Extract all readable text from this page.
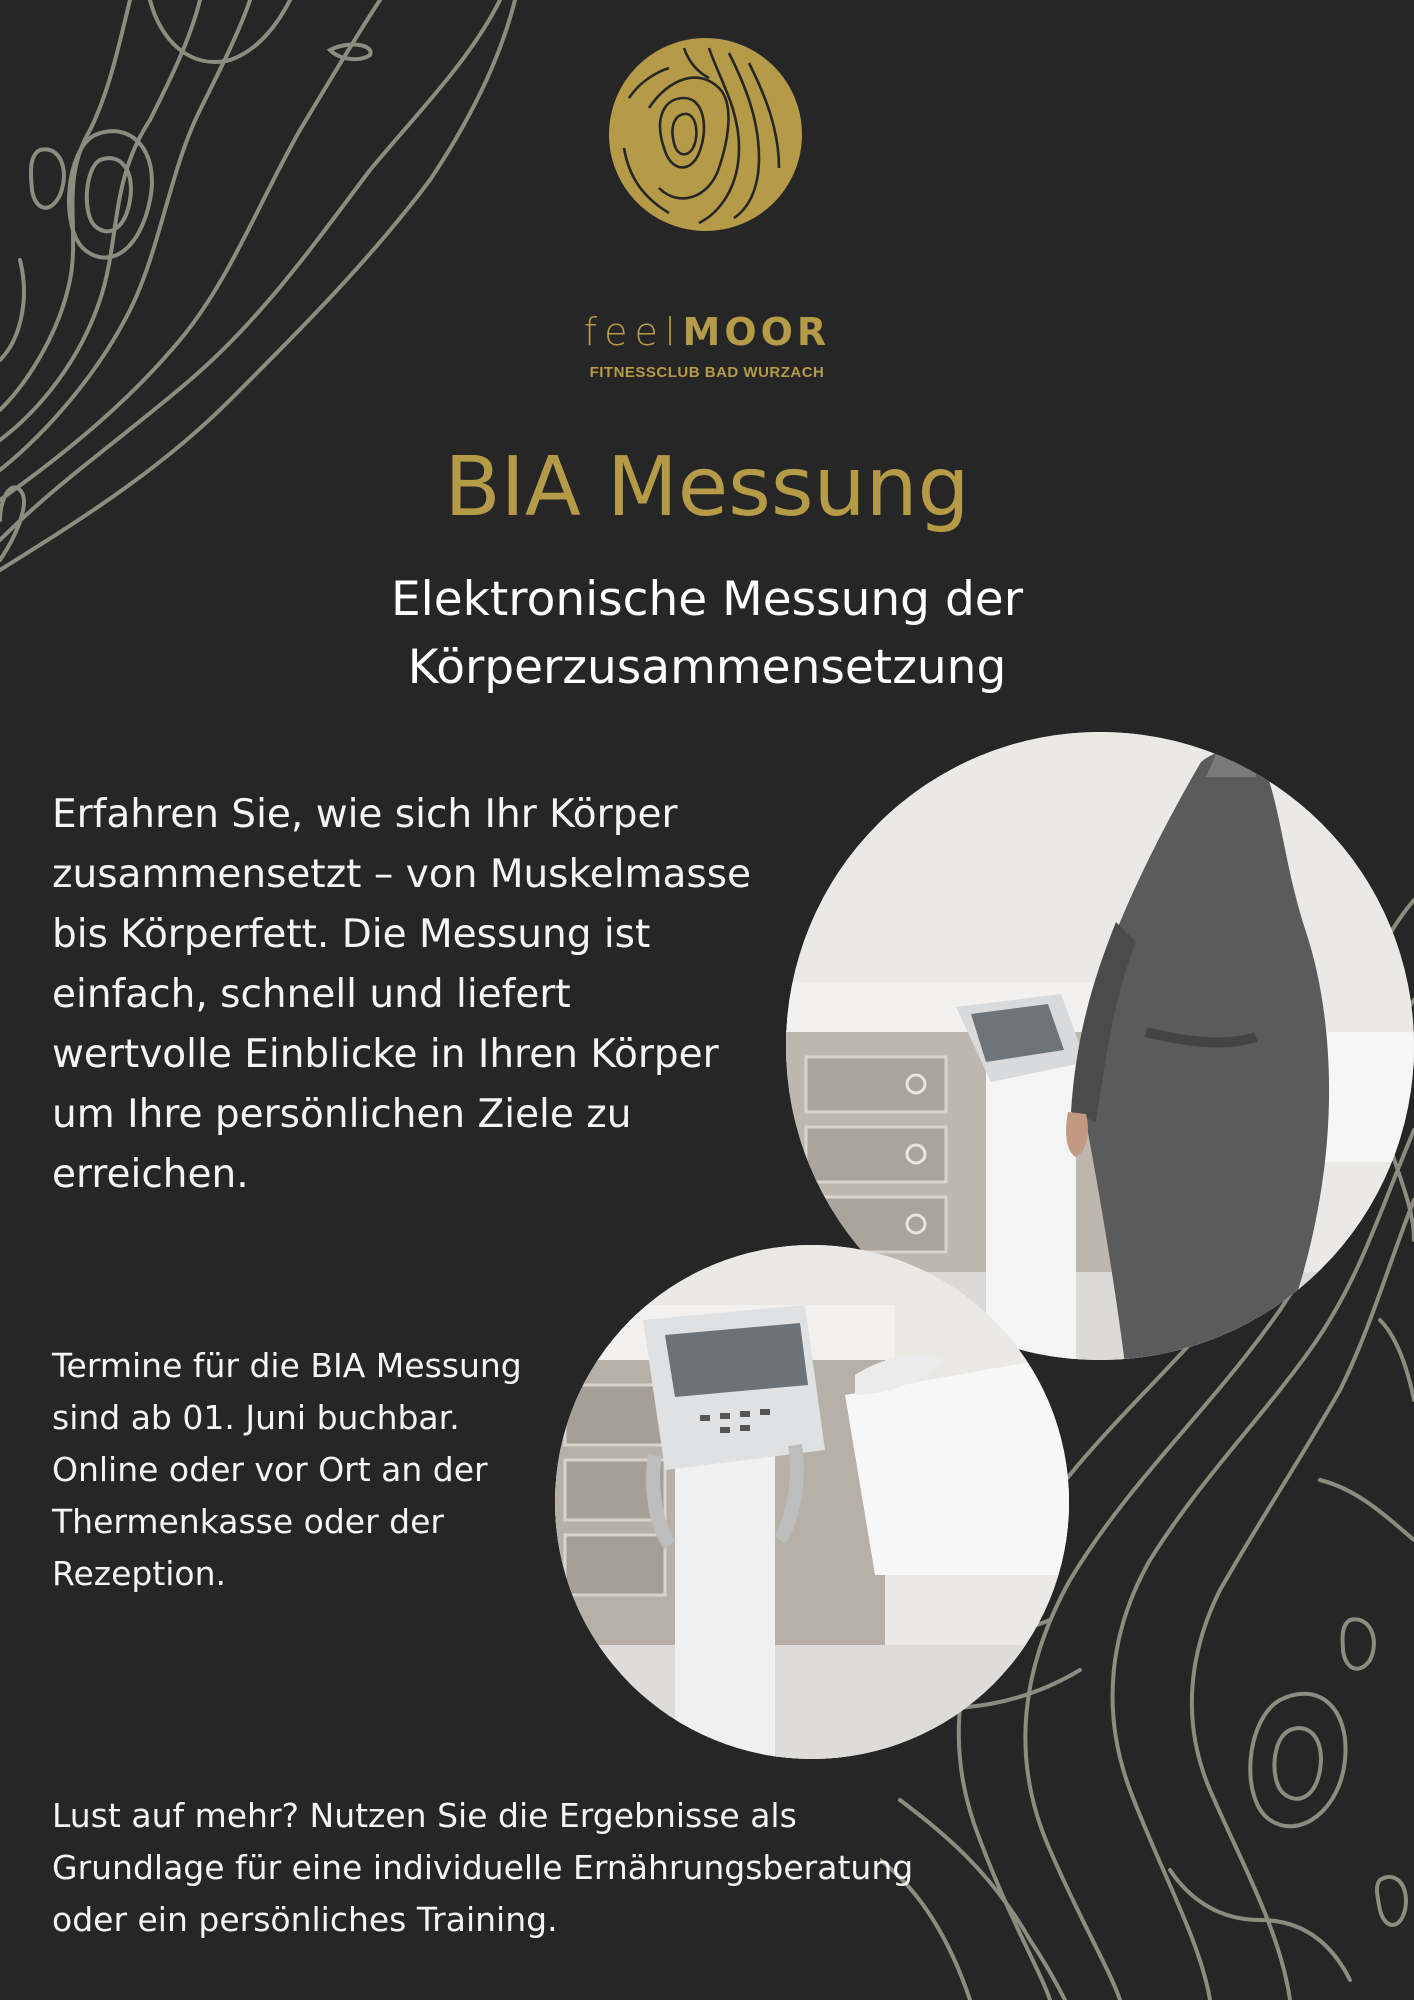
feelMOOR
FITNESSCLUB BAD WURZACH
BIA Messung
Elektronische Messung der Körperzusammensetzung
Erfahren Sie, wie sich Ihr Körper zusammensetzt – von Muskelmasse bis Körperfett. Die Messung ist einfach, schnell und liefert wertvolle Einblicke in Ihren Körper um Ihre persönlichen Ziele zu erreichen.
Termine für die BIA Messung sind ab 01. Juni buchbar. Online oder vor Ort an der Thermenkasse oder der Rezeption.
Lust auf mehr? Nutzen Sie die Ergebnisse als Grundlage für eine individuelle Ernährungsberatung oder ein persönliches Training.
